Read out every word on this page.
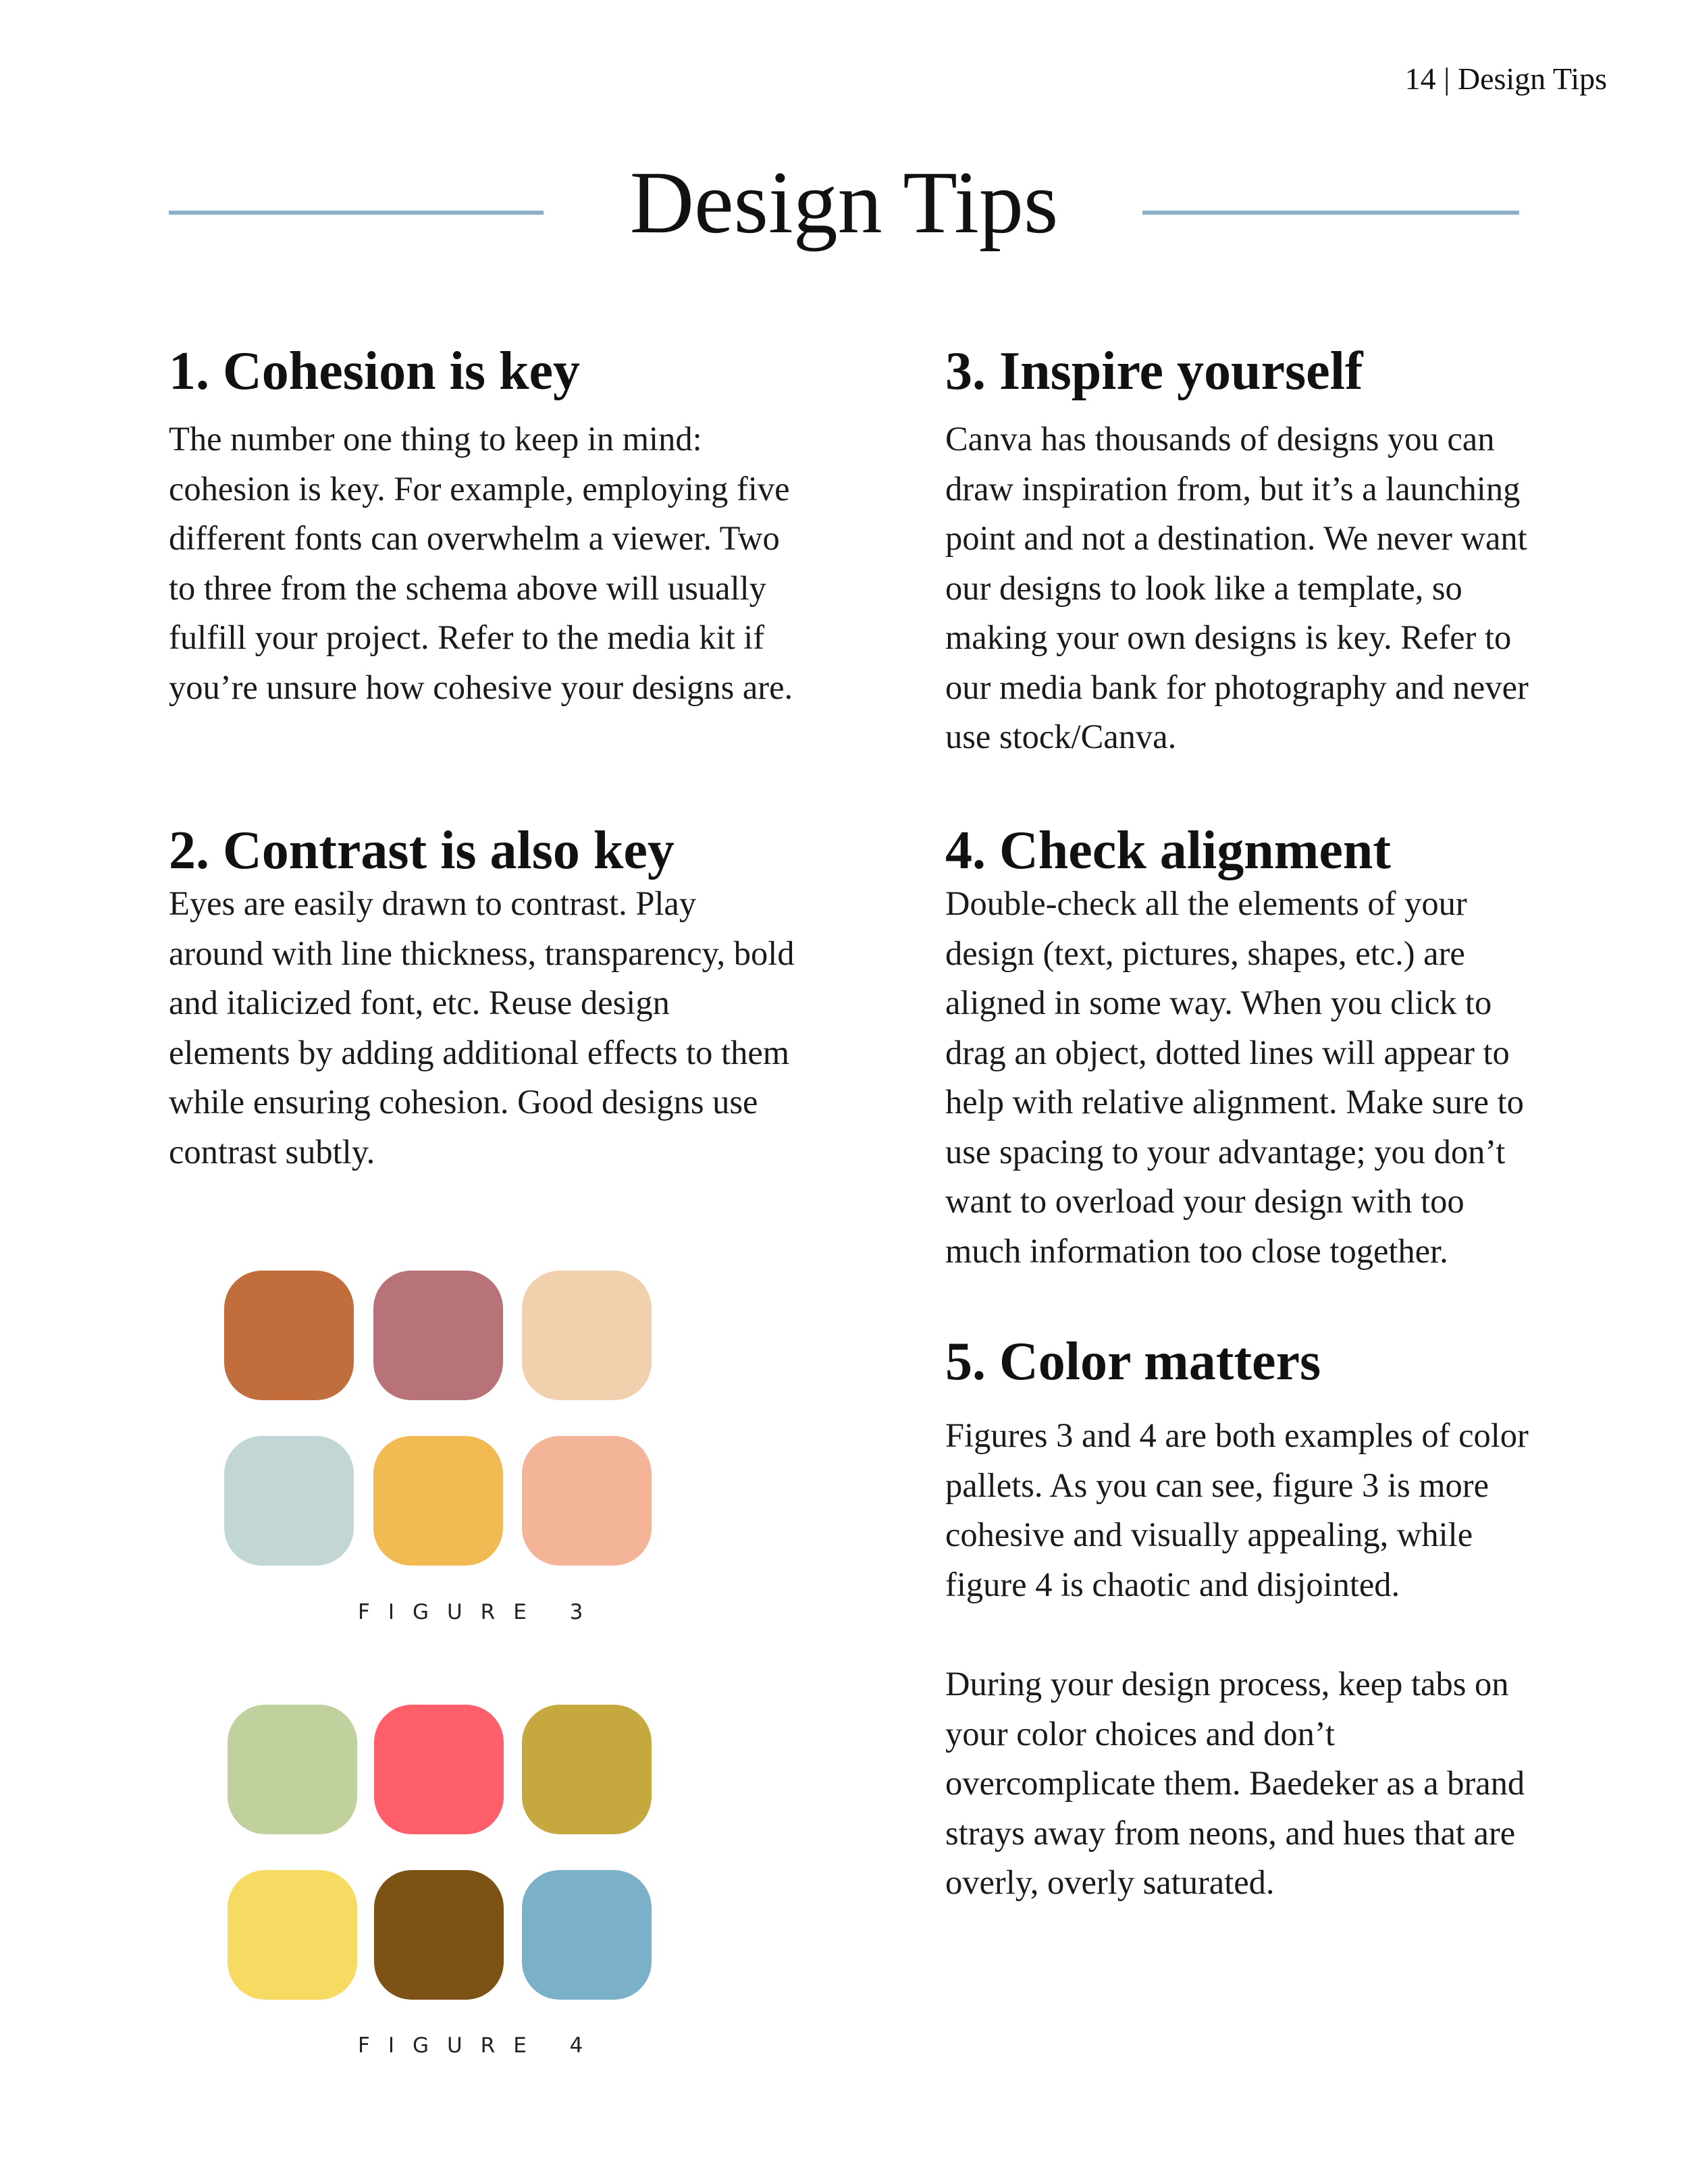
14 | Design Tips
Design Tips
1. Cohesion is key
The number one thing to keep in mind: cohesion is key. For example, employing five different fonts can overwhelm a viewer. Two to three from the schema above will usually fulfill your project. Refer to the media kit if you’re unsure how cohesive your designs are.
2. Contrast is also key
Eyes are easily drawn to contrast. Play around with line thickness, transparency, bold and italicized font, etc. Reuse design elements by adding additional effects to them while ensuring cohesion. Good designs use contrast subtly.
FIGURE 3
FIGURE 4
3. Inspire yourself
Canva has thousands of designs you can draw inspiration from, but it’s a launching point and not a destination. We never want our designs to look like a template, so making your own designs is key. Refer to our media bank for photography and never use stock/Canva.
4. Check alignment
Double-check all the elements of your design (text, pictures, shapes, etc.) are aligned in some way. When you click to drag an object, dotted lines will appear to help with relative alignment. Make sure to use spacing to your advantage; you don’t want to overload your design with too much information too close together.
5. Color matters
Figures 3 and 4 are both examples of color pallets. As you can see, figure 3 is more cohesive and visually appealing, while figure 4 is chaotic and disjointed.
During your design process, keep tabs on your color choices and don’t overcomplicate them. Baedeker as a brand strays away from neons, and hues that are overly, overly saturated.
